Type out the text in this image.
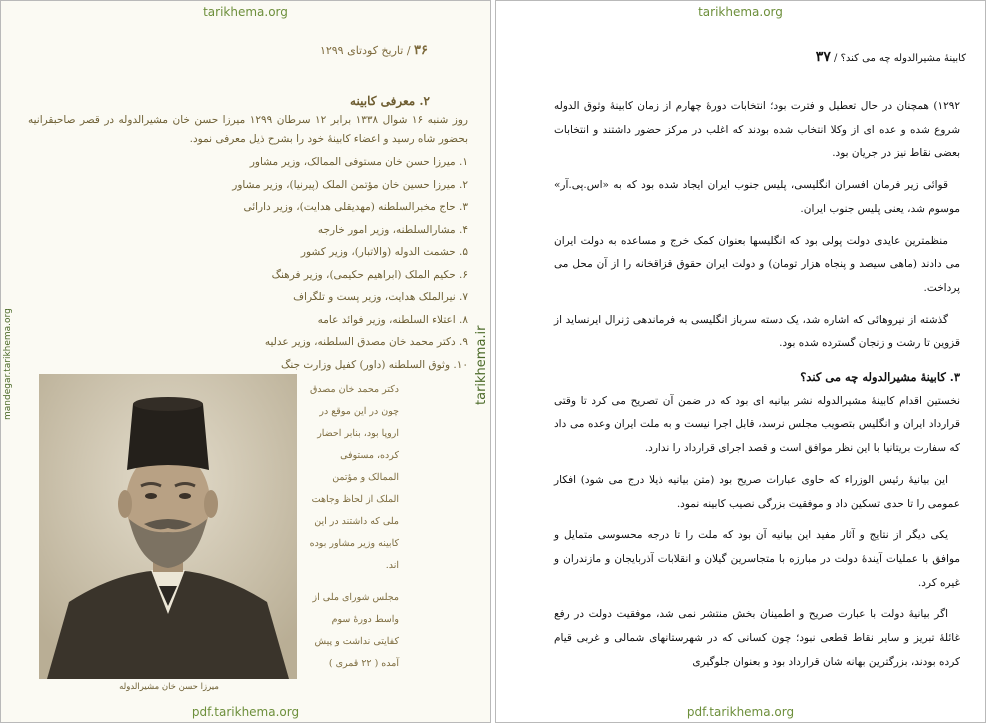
tarikhema.org
۳۶ / تاریخ کودتای ۱۲۹۹
۲. معرفی کابینه
روز شنبه ۱۶ شوال ۱۳۳۸ برابر ۱۲ سرطان ۱۲۹۹ میرزا حسن خان مشیرالدوله در قصر صاحبقرانیه بحضور شاه رسید و اعضاء کابینهٔ خود را بشرح ذیل معرفی نمود.
۱. میرزا حسن خان مستوفی الممالک، وزیر مشاور
۲. میرزا حسین خان مؤتمن الملک (پیرنیا)، وزیر مشاور
۳. حاج مخبرالسلطنه (مهدیقلی هدایت)، وزیر دارائی
۴. مشارالسلطنه، وزیر امور خارجه
۵. حشمت الدوله (والاتبار)، وزیر کشور
۶. حکیم الملک (ابراهیم حکیمی)، وزیر فرهنگ
۷. نیرالملک هدایت، وزیر پست و تلگراف
۸. اعتلاء السلطنه، وزیر فوائد عامه
۹. دکتر محمد خان مصدق السلطنه، وزیر عدلیه
۱۰. وثوق السلطنه (داور) کفیل وزارت جنگ
میرزا حسن خان مشیرالدوله

دکتر محمد خان مصدق چون در این موقع در اروپا بود، بنابر احضار کرده، مستوفی الممالک و مؤتمن الملک از لحاظ وجاهت ملی که داشتند در این کابینه وزیر مشاور بوده اند.

مجلس شورای ملی از واسط دورهٔ سوم کفایتی نداشت و پیش آمده ( ۲۲ قمری )

pdf.tarikhema.org
mandegar.tarikhema.org	tarikhema.ir
tarikhema.org
کابینهٔ مشیرالدوله چه می کند؟ / ۳۷

۱۲۹۲) همچنان در حال تعطیل و فترت بود؛ انتخابات دورهٔ چهارم از زمان کابینهٔ وثوق الدوله شروع شده و عده ای از وکلا انتخاب شده بودند که اغلب در مرکز حضور داشتند و انتخابات بعضی نقاط نیز در جریان بود.

قوائی زیر فرمان افسران انگلیسی، پلیس جنوب ایران ایجاد شده بود که به «اس.پی.آر» موسوم شد، یعنی پلیس جنوب ایران.

منظمترین عایدی دولت پولی بود که انگلیسها بعنوان کمک خرج و مساعده به دولت ایران می دادند (ماهی سیصد و پنجاه هزار تومان) و دولت ایران حقوق قزاقخانه را از آن محل می پرداخت.

گذشته از نیروهائی که اشاره شد، یک دسته سرباز انگلیسی به فرماندهی ژنرال ایرنساید از قزوین تا رشت و زنجان گسترده شده بود.

۳. کابینهٔ مشیرالدوله چه می کند؟

نخستین اقدام کابینهٔ مشیرالدوله نشر بیانیه ای بود که در ضمن آن تصریح می کرد تا وقتی قرارداد ایران و انگلیس بتصویب مجلس نرسد، قابل اجرا نیست و به ملت ایران وعده می داد که سفارت بریتانیا با این نظر موافق است و قصد اجرای قرارداد را ندارد.

این بیانیهٔ رئیس الوزراء که حاوی عبارات صریح بود (متن بیانیه ذیلا درج می شود) افکار عمومی را تا حدی تسکین داد و موفقیت بزرگی نصیب کابینه نمود.

یکی دیگر از نتایج و آثار مفید این بیانیه آن بود که ملت را تا درجه محسوسی متمایل و موافق با عملیات آیندهٔ دولت در مبارزه با متجاسرین گیلان و انقلابات آذربایجان و مازندران و غیره کرد.

اگر بیانیهٔ دولت با عبارت صریح و اطمینان بخش منتشر نمی شد، موفقیت دولت در رفع غائلهٔ تبریز و سایر نقاط قطعی نبود؛ چون کسانی که در شهرستانهای شمالی و غربی قیام کرده بودند، بزرگترین بهانه شان قرارداد بود و بعنوان جلوگیری

pdf.tarikhema.org
